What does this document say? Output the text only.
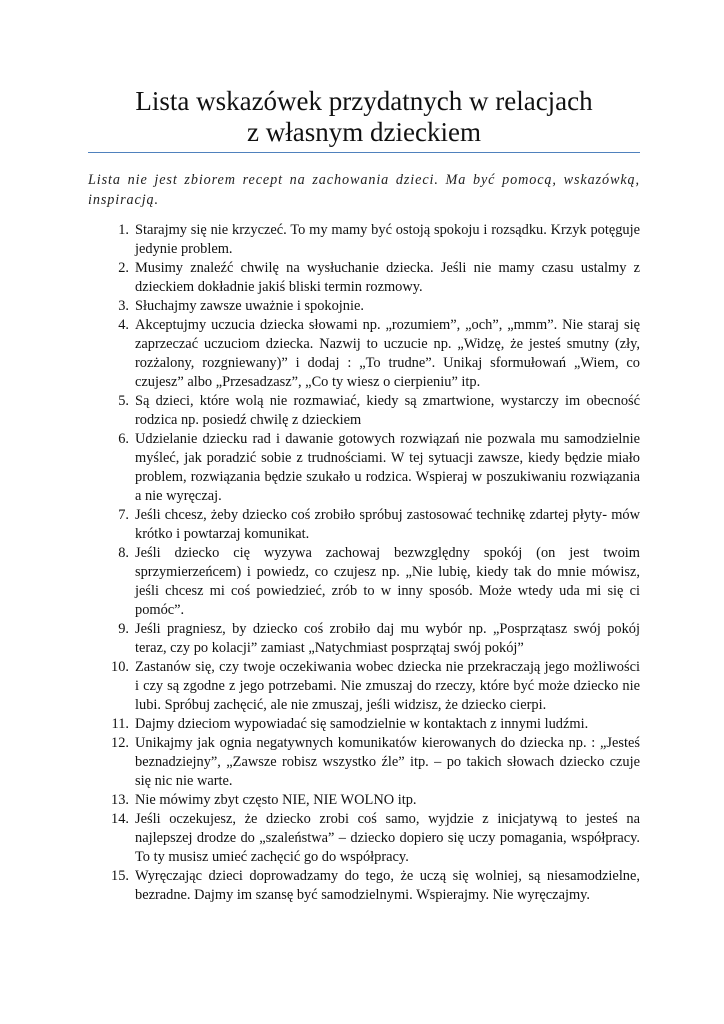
Lista wskazówek przydatnych w relacjach
z własnym dzieckiem

Lista nie jest zbiorem recept na zachowania dzieci. Ma być pomocą, wskazówką, inspiracją.

1. Starajmy się nie krzyczeć. To my mamy być ostoją spokoju i rozsądku. Krzyk potęguje jedynie problem.
2. Musimy znaleźć chwilę na wysłuchanie dziecka. Jeśli nie mamy czasu ustalmy z dzieckiem dokładnie jakiś bliski termin rozmowy.
3. Słuchajmy zawsze uważnie i spokojnie.
4. Akceptujmy uczucia dziecka słowami np. „rozumiem”, „och”, „mmm”. Nie staraj się zaprzeczać uczuciom dziecka. Nazwij to uczucie np. „Widzę, że jesteś smutny (zły, rozżalony, rozgniewany)” i dodaj : „To trudne”. Unikaj sformułowań „Wiem, co czujesz” albo „Przesadzasz”, „Co ty wiesz o cierpieniu” itp.
5. Są dzieci, które wolą nie rozmawiać, kiedy są zmartwione, wystarczy im obecność rodzica np. posiedź chwilę z dzieckiem
6. Udzielanie dziecku rad i dawanie gotowych rozwiązań nie pozwala mu samodzielnie myśleć, jak poradzić sobie z trudnościami. W tej sytuacji zawsze, kiedy będzie miało problem, rozwiązania będzie szukało u rodzica. Wspieraj w poszukiwaniu rozwiązania a nie wyręczaj.
7. Jeśli chcesz, żeby dziecko coś zrobiło spróbuj zastosować technikę zdartej płyty- mów krótko i powtarzaj komunikat.
8. Jeśli dziecko cię wyzywa zachowaj bezwzględny spokój (on jest twoim sprzymierzeńcem) i powiedz, co czujesz np. „Nie lubię, kiedy tak do mnie mówisz, jeśli chcesz mi coś powiedzieć, zrób to w inny sposób. Może wtedy uda mi się ci pomóc”.
9. Jeśli pragniesz, by dziecko coś zrobiło daj mu wybór np. „Posprzątasz swój pokój teraz, czy po kolacji” zamiast „Natychmiast posprzątaj swój pokój”
10. Zastanów się, czy twoje oczekiwania wobec dziecka nie przekraczają jego możliwości i czy są zgodne z jego potrzebami. Nie zmuszaj do rzeczy, które być może dziecko nie lubi. Spróbuj zachęcić, ale nie zmuszaj, jeśli widzisz, że dziecko cierpi.
11. Dajmy dzieciom wypowiadać się samodzielnie w kontaktach z innymi ludźmi.
12. Unikajmy jak ognia negatywnych komunikatów kierowanych do dziecka np. : „Jesteś beznadziejny”, „Zawsze robisz wszystko źle” itp. – po takich słowach dziecko czuje się nic nie warte.
13. Nie mówimy zbyt często NIE, NIE WOLNO itp.
14. Jeśli oczekujesz, że dziecko zrobi coś samo, wyjdzie z inicjatywą to jesteś na najlepszej drodze do „szaleństwa” – dziecko dopiero się uczy pomagania, współpracy. To ty musisz umieć zachęcić go do współpracy.
15. Wyręczając dzieci doprowadzamy do tego, że uczą się wolniej, są niesamodzielne, bezradne. Dajmy im szansę być samodzielnymi. Wspierajmy. Nie wyręczajmy.
